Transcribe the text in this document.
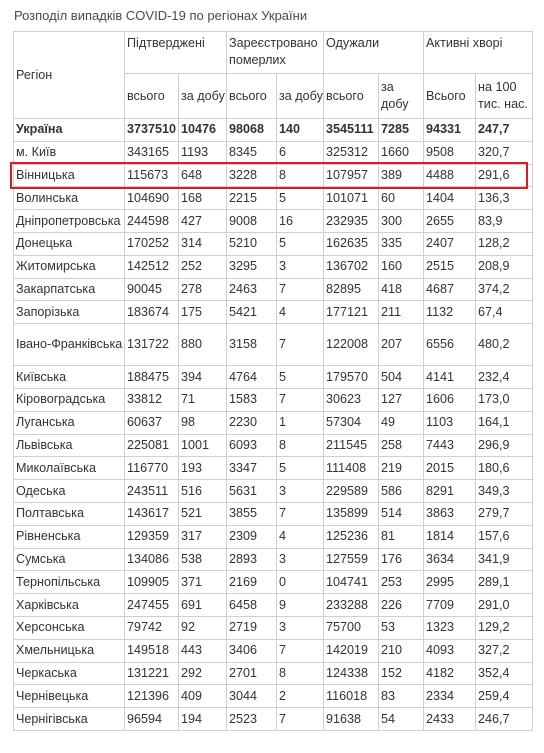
Розподіл випадків COVID-19 по регіонах України
Регіон	Підтверджені		Зареєстровано померлих		Одужали		Активні хворі	
	всього	за добу	всього	за добу	всього	за добу	Всього	на 100 тис. нас.
Україна	3737510	10476	98068	140	3545111	7285	94331	247,7
м. Київ	343165	1193	8345	6	325312	1660	9508	320,7
Вінницька	115673	648	3228	8	107957	389	4488	291,6
Волинська	104690	168	2215	5	101071	60	1404	136,3
Дніпропетровська	244598	427	9008	16	232935	300	2655	83,9
Донецька	170252	314	5210	5	162635	335	2407	128,2
Житомирська	142512	252	3295	3	136702	160	2515	208,9
Закарпатська	90045	278	2463	7	82895	418	4687	374,2
Запорізька	183674	175	5421	4	177121	211	1132	67,4
Івано-Франківська	131722	880	3158	7	122008	207	6556	480,2
Київська	188475	394	4764	5	179570	504	4141	232,4
Кіровоградська	33812	71	1583	7	30623	127	1606	173,0
Луганська	60637	98	2230	1	57304	49	1103	164,1
Львівська	225081	1001	6093	8	211545	258	7443	296,9
Миколаївська	116770	193	3347	5	111408	219	2015	180,6
Одеська	243511	516	5631	3	229589	586	8291	349,3
Полтавська	143617	521	3855	7	135899	514	3863	279,7
Рівненська	129359	317	2309	4	125236	81	1814	157,6
Сумська	134086	538	2893	3	127559	176	3634	341,9
Тернопільська	109905	371	2169	0	104741	253	2995	289,1
Харківська	247455	691	6458	9	233288	226	7709	291,0
Херсонська	79742	92	2719	3	75700	53	1323	129,2
Хмельницька	149518	443	3406	7	142019	210	4093	327,2
Черкаська	131221	292	2701	8	124338	152	4182	352,4
Чернівецька	121396	409	3044	2	116018	83	2334	259,4
Чернігівська	96594	194	2523	7	91638	54	2433	246,7
